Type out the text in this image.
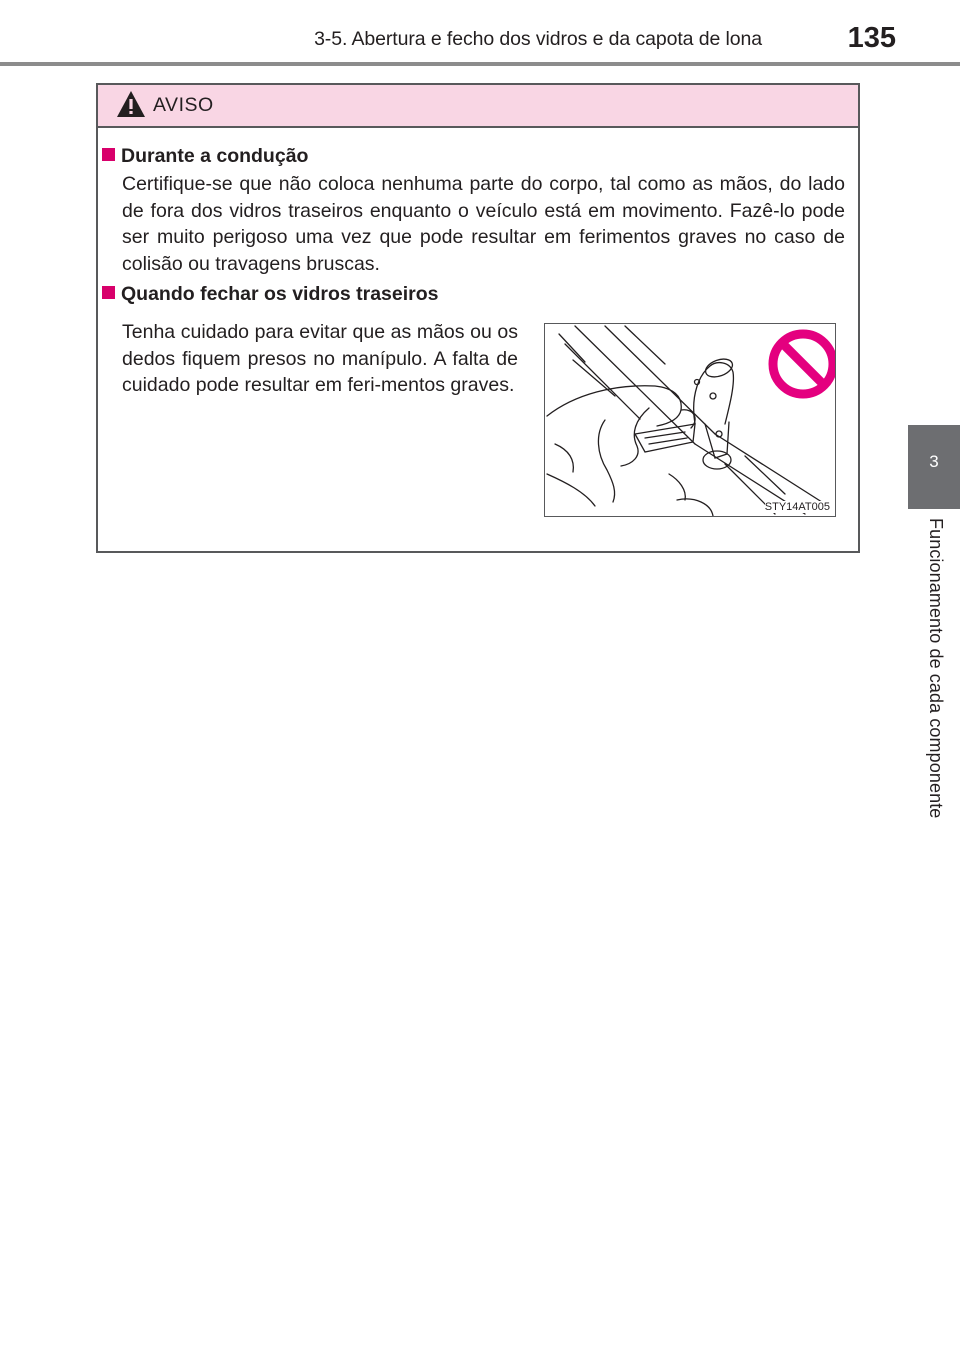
3-5. Abertura e fecho dos vidros e da capota de lona	135
3
Funcionamento de cada componente
AVISO
Durante a condução
Certifique-se que não coloca nenhuma parte do corpo, tal como as mãos, do lado de fora dos vidros traseiros enquanto o veículo está em movimento. Fazê-lo pode ser muito perigoso uma vez que pode resultar em ferimentos graves no caso de colisão ou travagens bruscas.
Quando fechar os vidros traseiros
Tenha cuidado para evitar que as mãos ou os dedos fiquem presos no manípulo. A falta de cuidado pode resultar em feri-mentos graves.
STY14AT005
